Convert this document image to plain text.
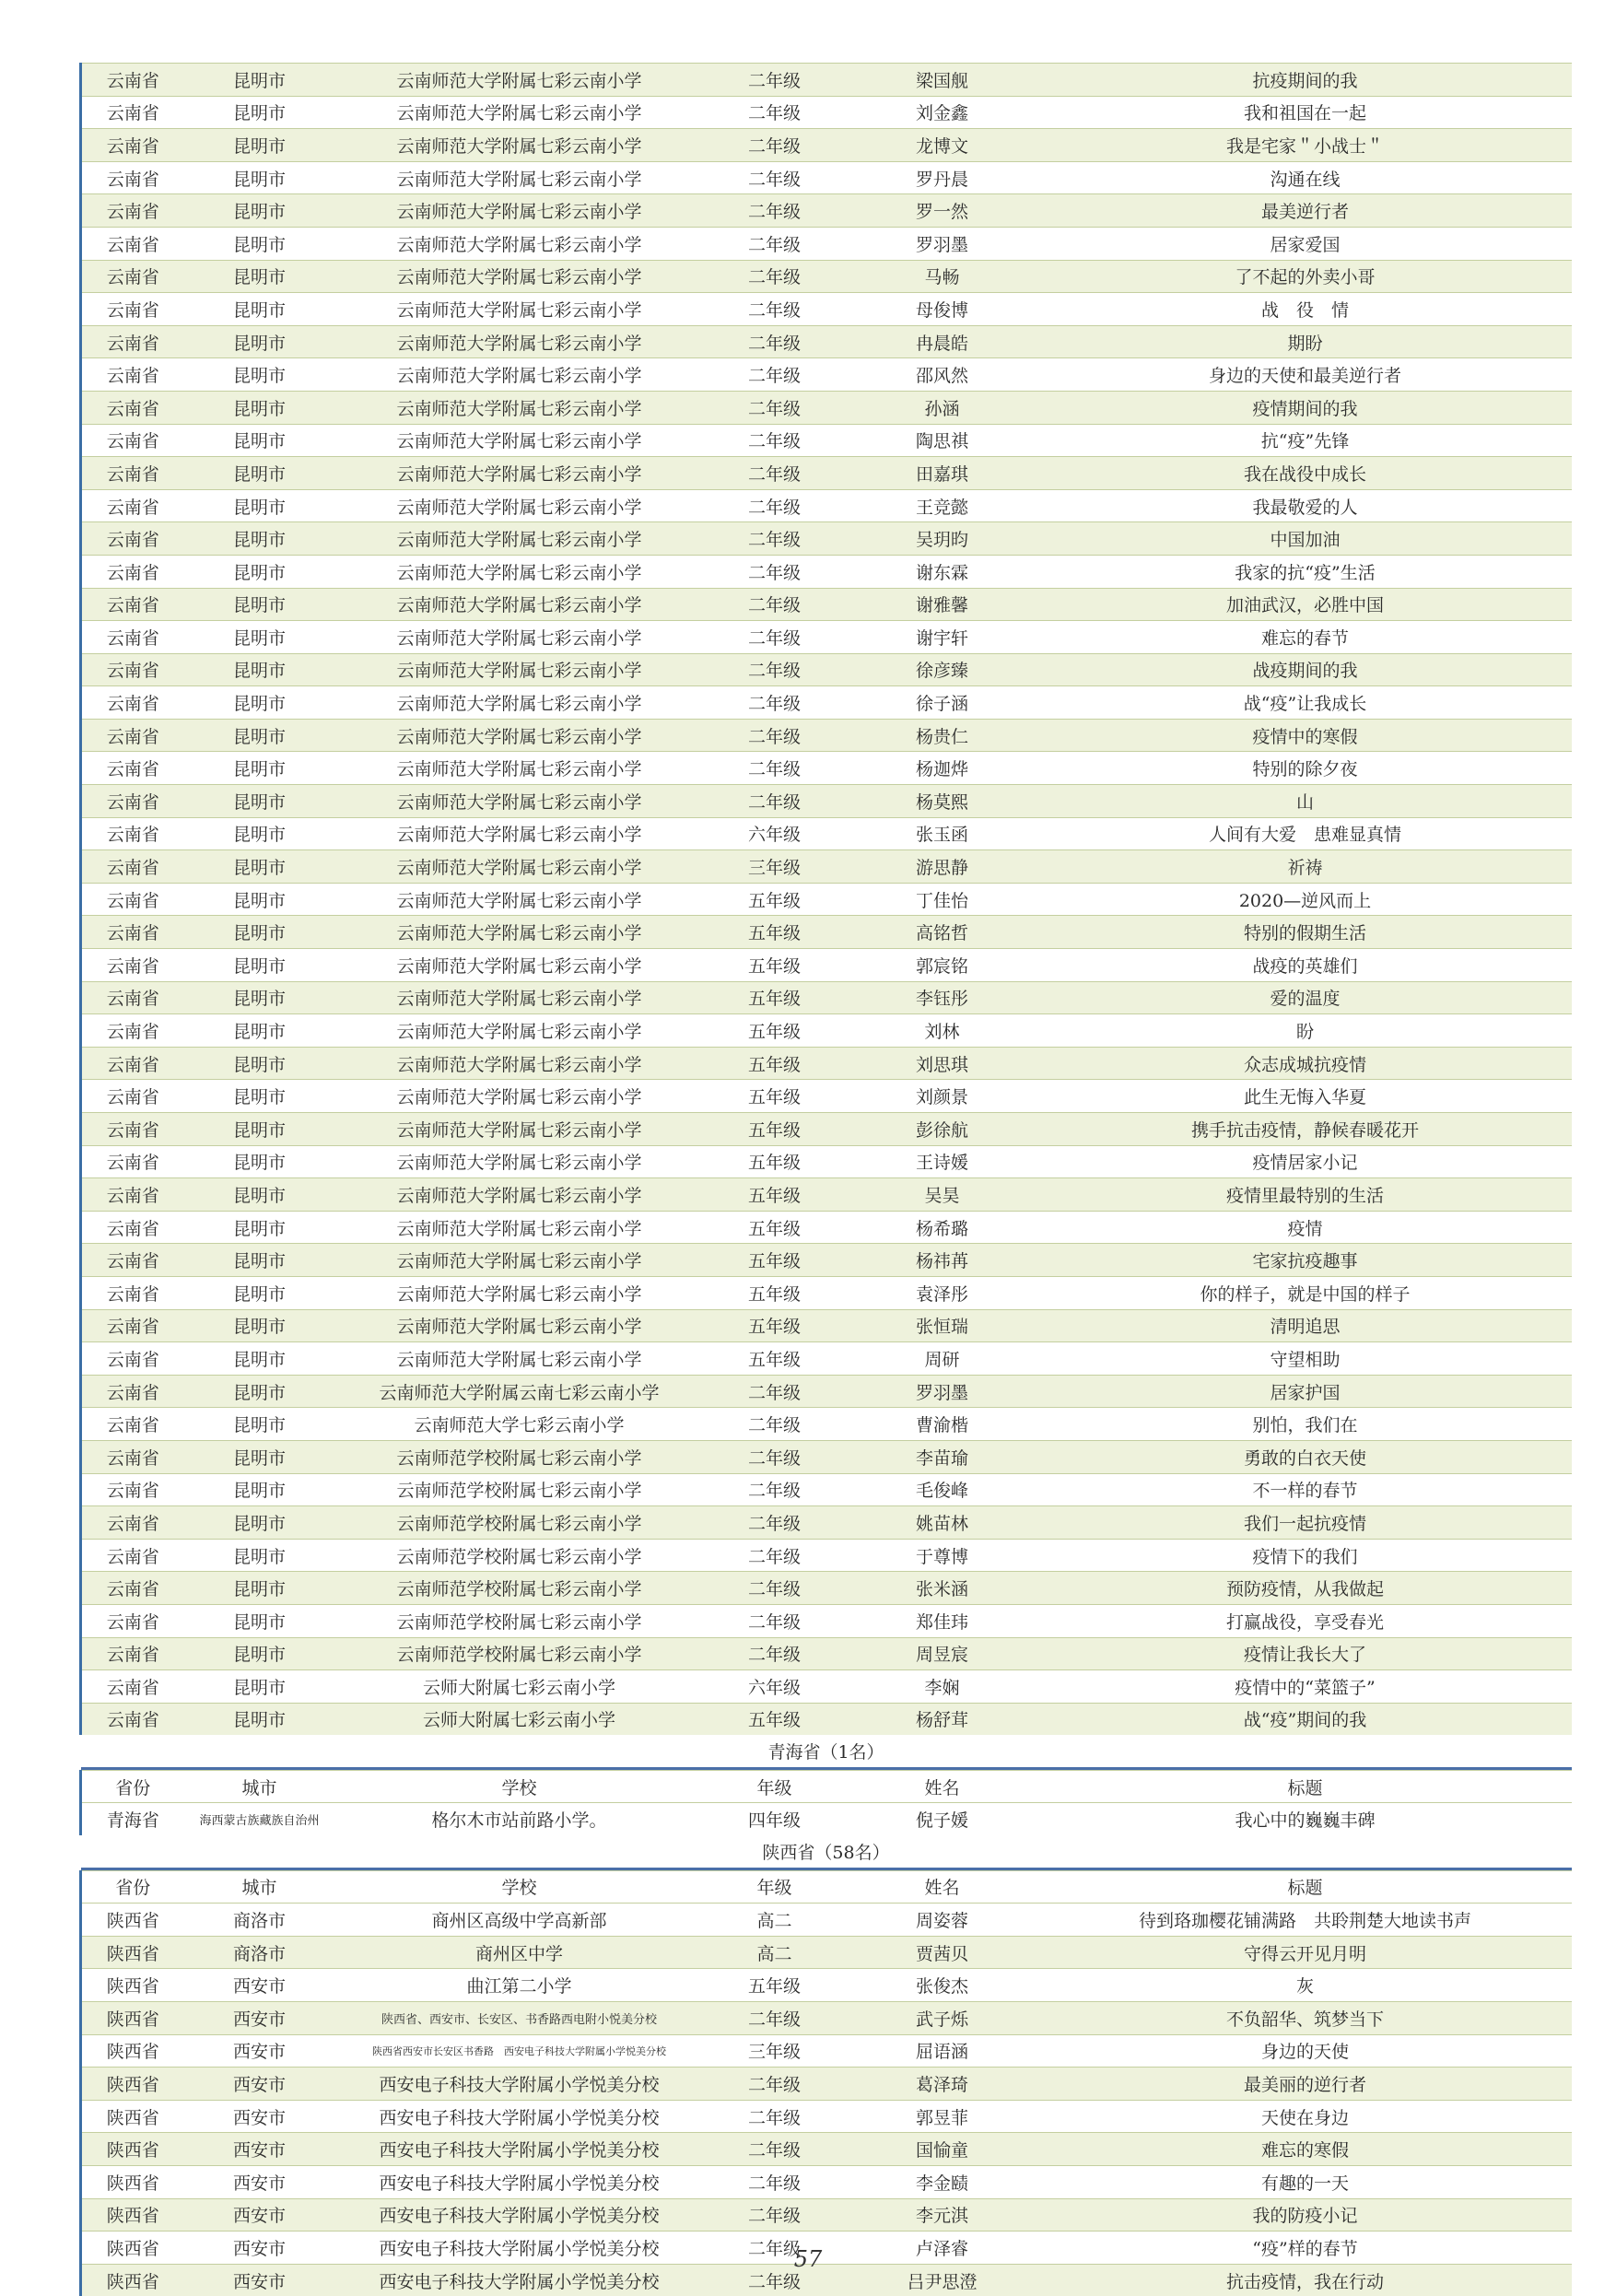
云南省	昆明市	云南师范大学附属七彩云南小学	二年级	梁国舰	抗疫期间的我
云南省	昆明市	云南师范大学附属七彩云南小学	二年级	刘金鑫	我和祖国在一起
云南省	昆明市	云南师范大学附属七彩云南小学	二年级	龙博文	我是宅家＂小战士＂
云南省	昆明市	云南师范大学附属七彩云南小学	二年级	罗丹晨	沟通在线
云南省	昆明市	云南师范大学附属七彩云南小学	二年级	罗一然	最美逆行者
云南省	昆明市	云南师范大学附属七彩云南小学	二年级	罗羽墨	居家爱国
云南省	昆明市	云南师范大学附属七彩云南小学	二年级	马畅	了不起的外卖小哥
云南省	昆明市	云南师范大学附属七彩云南小学	二年级	母俊博	战　役　情
云南省	昆明市	云南师范大学附属七彩云南小学	二年级	冉晨皓	期盼
云南省	昆明市	云南师范大学附属七彩云南小学	二年级	邵风然	身边的天使和最美逆行者
云南省	昆明市	云南师范大学附属七彩云南小学	二年级	孙涵	疫情期间的我
云南省	昆明市	云南师范大学附属七彩云南小学	二年级	陶思祺	抗“疫”先锋
云南省	昆明市	云南师范大学附属七彩云南小学	二年级	田嘉琪	我在战役中成长
云南省	昆明市	云南师范大学附属七彩云南小学	二年级	王竞懿	我最敬爱的人
云南省	昆明市	云南师范大学附属七彩云南小学	二年级	吴玥昀	中国加油
云南省	昆明市	云南师范大学附属七彩云南小学	二年级	谢东霖	我家的抗“疫”生活
云南省	昆明市	云南师范大学附属七彩云南小学	二年级	谢雅馨	加油武汉，必胜中国
云南省	昆明市	云南师范大学附属七彩云南小学	二年级	谢宇轩	难忘的春节
云南省	昆明市	云南师范大学附属七彩云南小学	二年级	徐彦臻	战疫期间的我
云南省	昆明市	云南师范大学附属七彩云南小学	二年级	徐子涵	战“疫”让我成长
云南省	昆明市	云南师范大学附属七彩云南小学	二年级	杨贵仁	疫情中的寒假
云南省	昆明市	云南师范大学附属七彩云南小学	二年级	杨迦烨	特别的除夕夜
云南省	昆明市	云南师范大学附属七彩云南小学	二年级	杨莫熙	山
云南省	昆明市	云南师范大学附属七彩云南小学	六年级	张玉函	人间有大爱　患难显真情
云南省	昆明市	云南师范大学附属七彩云南小学	三年级	游思静	祈祷
云南省	昆明市	云南师范大学附属七彩云南小学	五年级	丁佳怡	2020—逆风而上
云南省	昆明市	云南师范大学附属七彩云南小学	五年级	高铭哲	特别的假期生活
云南省	昆明市	云南师范大学附属七彩云南小学	五年级	郭宸铭	战疫的英雄们
云南省	昆明市	云南师范大学附属七彩云南小学	五年级	李钰彤	爱的温度
云南省	昆明市	云南师范大学附属七彩云南小学	五年级	刘林	盼
云南省	昆明市	云南师范大学附属七彩云南小学	五年级	刘思琪	众志成城抗疫情
云南省	昆明市	云南师范大学附属七彩云南小学	五年级	刘颜景	此生无悔入华夏
云南省	昆明市	云南师范大学附属七彩云南小学	五年级	彭徐航	携手抗击疫情，静候春暖花开
云南省	昆明市	云南师范大学附属七彩云南小学	五年级	王诗媛	疫情居家小记
云南省	昆明市	云南师范大学附属七彩云南小学	五年级	吴昊	疫情里最特别的生活
云南省	昆明市	云南师范大学附属七彩云南小学	五年级	杨希璐	疫情
云南省	昆明市	云南师范大学附属七彩云南小学	五年级	杨祎苒	宅家抗疫趣事
云南省	昆明市	云南师范大学附属七彩云南小学	五年级	袁泽彤	你的样子，就是中国的样子
云南省	昆明市	云南师范大学附属七彩云南小学	五年级	张恒瑞	清明追思
云南省	昆明市	云南师范大学附属七彩云南小学	五年级	周研	守望相助
云南省	昆明市	云南师范大学附属云南七彩云南小学	二年级	罗羽墨	居家护国
云南省	昆明市	云南师范大学七彩云南小学	二年级	曹渝楷	别怕，我们在
云南省	昆明市	云南师范学校附属七彩云南小学	二年级	李苗瑜	勇敢的白衣天使
云南省	昆明市	云南师范学校附属七彩云南小学	二年级	毛俊峰	不一样的春节
云南省	昆明市	云南师范学校附属七彩云南小学	二年级	姚苗林	我们一起抗疫情
云南省	昆明市	云南师范学校附属七彩云南小学	二年级	于尊博	疫情下的我们
云南省	昆明市	云南师范学校附属七彩云南小学	二年级	张米涵	预防疫情，从我做起
云南省	昆明市	云南师范学校附属七彩云南小学	二年级	郑佳玮	打赢战役，享受春光
云南省	昆明市	云南师范学校附属七彩云南小学	二年级	周昱宸	疫情让我长大了
云南省	昆明市	云师大附属七彩云南小学	六年级	李娴	疫情中的“菜篮子”
云南省	昆明市	云师大附属七彩云南小学	五年级	杨舒茸	战“疫”期间的我
青海省（1名）					

省份	城市	学校	年级	姓名	标题
青海省	海西蒙古族藏族自治州	格尔木市站前路小学。	四年级	倪子媛	我心中的巍巍丰碑
陕西省（58名）					

省份	城市	学校	年级	姓名	标题
陕西省	商洛市	商州区高级中学高新部	高二	周姿蓉	待到珞珈樱花铺满路　共聆荆楚大地读书声
陕西省	商洛市	商州区中学	高二	贾茜贝	守得云开见月明
陕西省	西安市	曲江第二小学	五年级	张俊杰	灰
陕西省	西安市	陕西省、西安市、长安区、书香路西电附小悦美分校	二年级	武子烁	不负韶华、筑梦当下
陕西省	西安市	陕西省西安市长安区书香路　西安电子科技大学附属小学悦美分校	三年级	屈语涵	身边的天使
陕西省	西安市	西安电子科技大学附属小学悦美分校	二年级	葛泽琦	最美丽的逆行者
陕西省	西安市	西安电子科技大学附属小学悦美分校	二年级	郭昱菲	天使在身边
陕西省	西安市	西安电子科技大学附属小学悦美分校	二年级	国愉童	难忘的寒假
陕西省	西安市	西安电子科技大学附属小学悦美分校	二年级	李金赜	有趣的一天
陕西省	西安市	西安电子科技大学附属小学悦美分校	二年级	李元淇	我的防疫小记
陕西省	西安市	西安电子科技大学附属小学悦美分校	二年级	卢泽睿	“疫”样的春节
陕西省	西安市	西安电子科技大学附属小学悦美分校	二年级	吕尹思澄	抗击疫情，我在行动
57
